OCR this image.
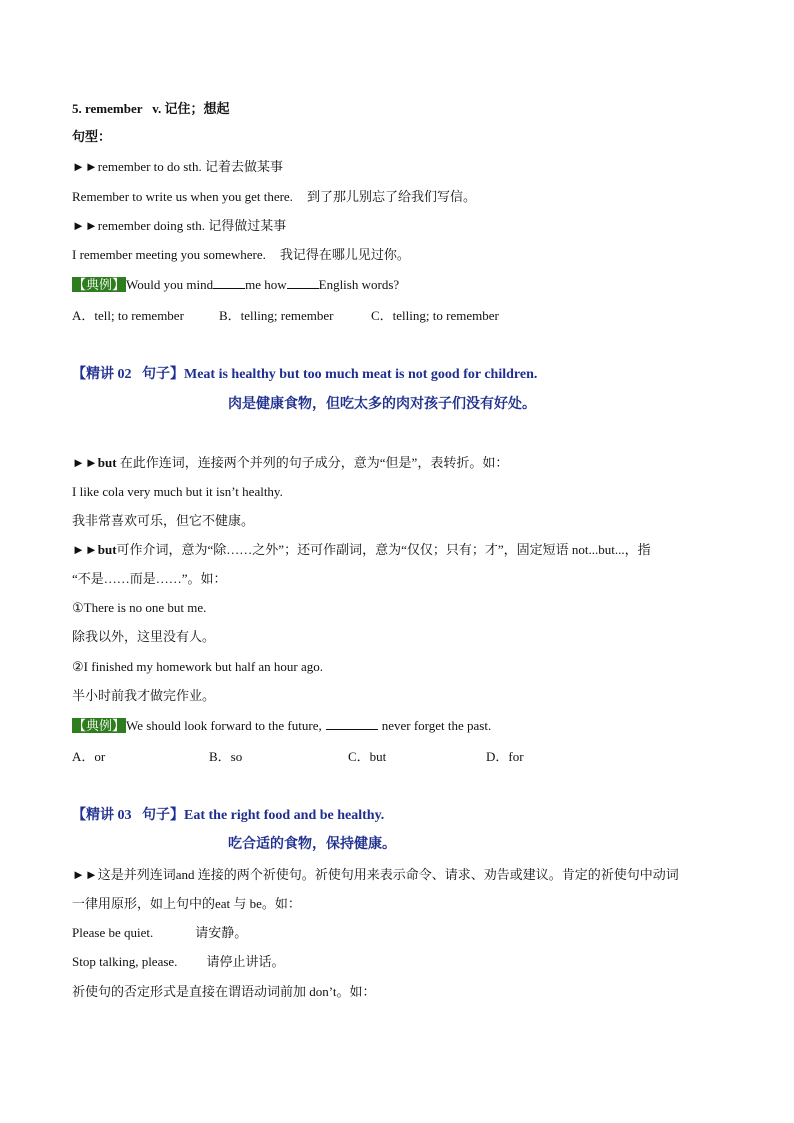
5. remember   v. 记住；想起
句型：
►►remember to do sth. 记着去做某事
Remember to write us when you get there. 到了那儿别忘了给我们写信。
►►remember doing sth. 记得做过某事
I remember meeting you somewhere. 我记得在哪儿见过你。
【典例】Would you mind me how English words?
A．tell; to remember	B．telling; remember	C．telling; to remember
【精讲 02   句子】Meat is healthy but too much meat is not good for children.
肉是健康食物，但吃太多的肉对孩子们没有好处。
►►but 在此作连词，连接两个并列的句子成分，意为“但是”，表转折。如：
I like cola very much but it isn’t healthy.
我非常喜欢可乐，但它不健康。
►►but可作介词，意为“除……之外”；还可作副词，意为“仅仅；只有；才”，固定短语 not...but...，指
“不是……而是……”。如：
①There is no one but me.
除我以外，这里没有人。
②I finished my homework but half an hour ago.
半小时前我才做完作业。
【典例】We should look forward to the future,	never forget the past.
A．or	B．so	C．but	D．for
【精讲 03   句子】Eat the right food and be healthy.
吃合适的食物，保持健康。
►►这是并列连词and 连接的两个祈使句。祈使句用来表示命令、请求、劝告或建议。肯定的祈使句中动词
一律用原形，如上句中的eat 与 be。如：
Please be quiet.	请安静。
Stop talking, please. 请停止讲话。
祈使句的否定形式是直接在谓语动词前加 don’t。如：
